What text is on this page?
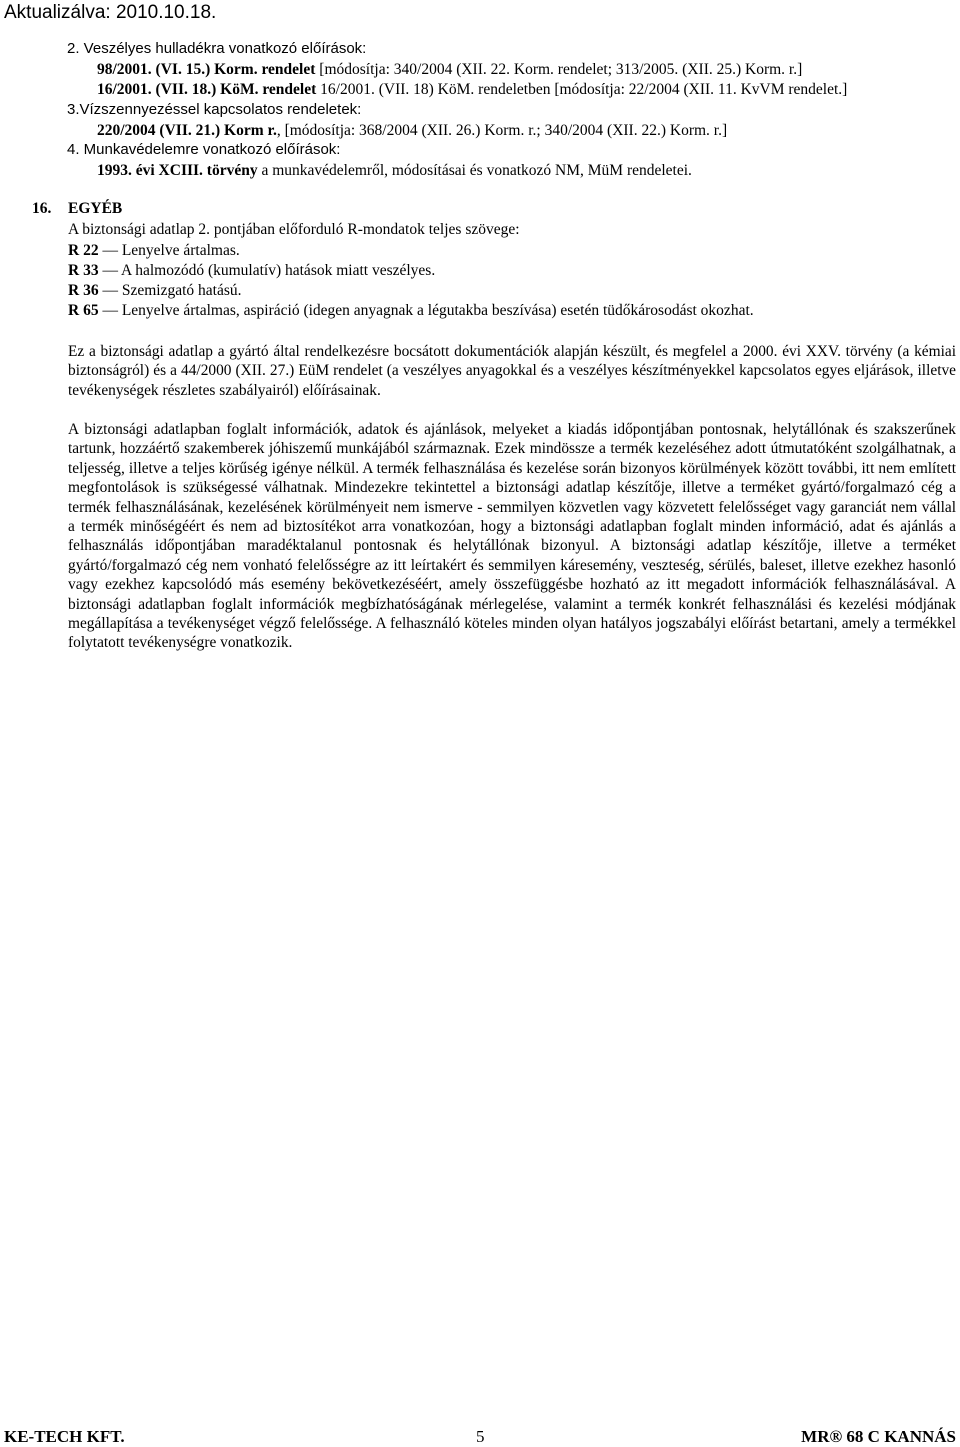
Aktualizálva: 2010.10.18.
2. Veszélyes hulladékra vonatkozó előírások:
98/2001. (VI. 15.) Korm. rendelet [módosítja: 340/2004 (XII. 22. Korm. rendelet; 313/2005. (XII. 25.) Korm. r.]
16/2001. (VII. 18.) KöM. rendelet 16/2001. (VII. 18) KöM. rendeletben [módosítja: 22/2004 (XII. 11. KvVM rendelet.]
3.Vízszennyezéssel kapcsolatos rendeletek:
220/2004 (VII. 21.) Korm r., [módosítja: 368/2004 (XII. 26.) Korm. r.; 340/2004 (XII. 22.) Korm. r.]
4. Munkavédelemre vonatkozó előírások:
1993. évi XCIII. törvény a munkavédelemről, módosításai és vonatkozó NM, MüM rendeletei.
16. EGYÉB
A biztonsági adatlap 2. pontjában előforduló R-mondatok teljes szövege:
R 22 — Lenyelve ártalmas.
R 33 — A halmozódó (kumulatív) hatások miatt veszélyes.
R 36 — Szemizgató hatású.
R 65 — Lenyelve ártalmas, aspiráció (idegen anyagnak a légutakba beszívása) esetén tüdőkárosodást okozhat.

Ez a biztonsági adatlap a gyártó által rendelkezésre bocsátott dokumentációk alapján készült, és megfelel a 2000. évi XXV. törvény (a kémiai biztonságról) és a 44/2000 (XII. 27.) EüM rendelet (a veszélyes anyagokkal és a veszélyes készítményekkel kapcsolatos egyes eljárások, illetve tevékenységek részletes szabályairól) előírásainak.

A biztonsági adatlapban foglalt információk, adatok és ajánlások, melyeket a kiadás időpontjában pontosnak, helytállónak és szakszerűnek tartunk, hozzáértő szakemberek jóhiszemű munkájából származnak. Ezek mindössze a termék kezeléséhez adott útmutatóként szolgálhatnak, a teljesség, illetve a teljes körűség igénye nélkül. A termék felhasználása és kezelése során bizonyos körülmények között további, itt nem említett megfontolások is szükségessé válhatnak. Mindezekre tekintettel a biztonsági adatlap készítője, illetve a terméket gyártó/forgalmazó cég a termék felhasználásának, kezelésének körülményeit nem ismerve - semmilyen közvetlen vagy közvetett felelősséget vagy garanciát nem vállal a termék minőségéért és nem ad biztosítékot arra vonatkozóan, hogy a biztonsági adatlapban foglalt minden információ, adat és ajánlás a felhasználás időpontjában maradéktalanul pontosnak és helytállónak bizonyul. A biztonsági adatlap készítője, illetve a terméket gyártó/forgalmazó cég nem vonható felelősségre az itt leírtakért és semmilyen káresemény, veszteség, sérülés, baleset, illetve ezekhez hasonló vagy ezekhez kapcsolódó más esemény bekövetkezéséért, amely összefüggésbe hozható az itt megadott információk felhasználásával. A biztonsági adatlapban foglalt információk megbízhatóságának mérlegelése, valamint a termék konkrét felhasználási és kezelési módjának megállapítása a tevékenységet végző felelőssége. A felhasználó köteles minden olyan hatályos jogszabályi előírást betartani, amely a termékkel folytatott tevékenységre vonatkozik.

KE-TECH KFT.	5	MR® 68 C KANNÁS
